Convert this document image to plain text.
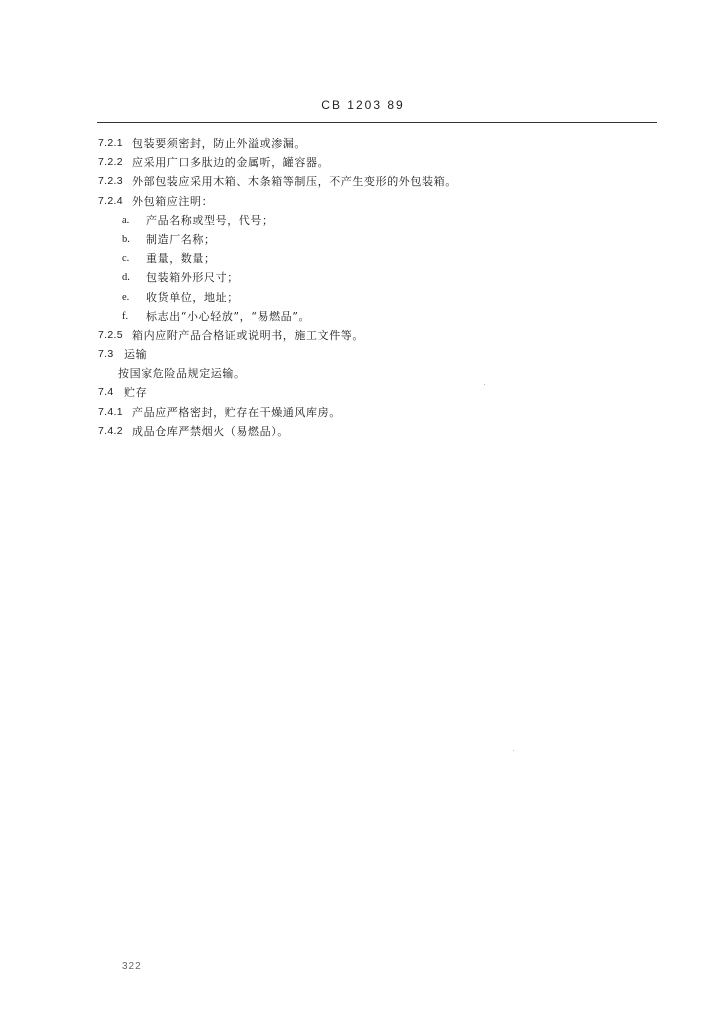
CB 1203 89
7.2.1 包装要须密封，防止外溢或渗漏。
7.2.2 应采用广口多肽边的金属听，罐容器。
7.2.3 外部包装应采用木箱、木条箱等制压，不产生变形的外包装箱。
7.2.4 外包箱应注明：
a.	产品名称或型号，代号；
b.	制造厂名称；
c.	重量，数量；
d.	包装箱外形尺寸；
e.	收货单位，地址；
f.	标志出“小心轻放”，“易燃品”。
7.2.5 箱内应附产品合格证或说明书，施工文件等。
7.3 运输
按国家危险品规定运输。
7.4 贮存
7.4.1 产品应严格密封，贮存在干燥通风库房。
7.4.2 成品仓库严禁烟火（易燃品）。
322
